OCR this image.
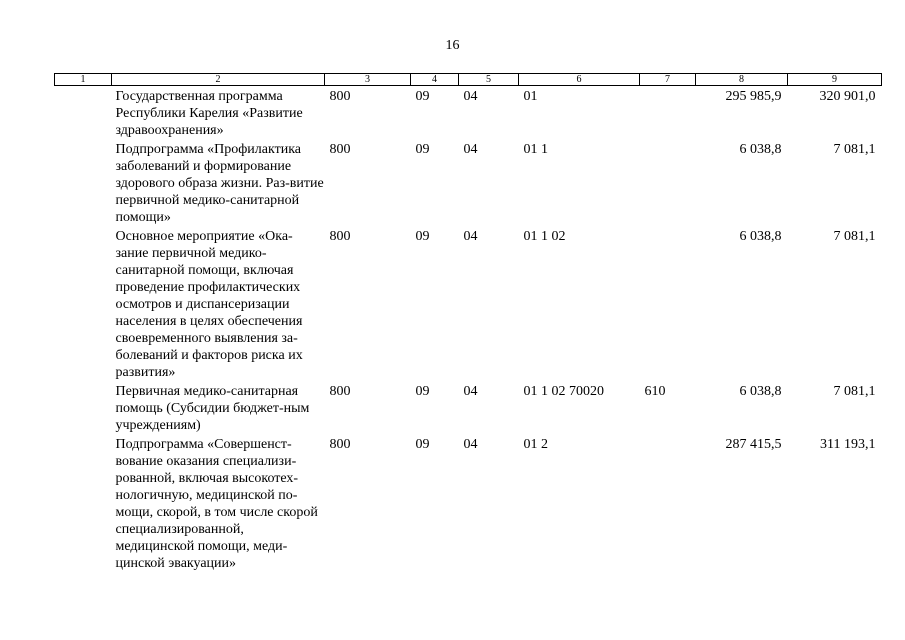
16
1	2	3	4	5	6	7	8	9
	Государственная программа Республики Карелия «Развитие здравоохранения»	800	09	04	01		295 985,9	320 901,0
	Подпрограмма «Профилактика заболеваний и формирование здорового образа жизни. Раз-витие первичной медико-санитарной помощи»	800	09	04	01 1		6 038,8	7 081,1
	Основное мероприятие «Ока-зание первичной медико-санитарной помощи, включая проведение профилактических осмотров и диспансеризации населения в целях обеспечения своевременного выявления за-болеваний и факторов риска их развития»	800	09	04	01 1 02		6 038,8	7 081,1
	Первичная медико-санитарная помощь (Субсидии бюджет-ным учреждениям)	800	09	04	01 1 02 70020	610	6 038,8	7 081,1
	Подпрограмма «Совершенст-вование оказания специализи-рованной, включая высокотех-нологичную, медицинской по-мощи, скорой, в том числе скорой специализированной, медицинской помощи, меди-цинской эвакуации»	800	09	04	01 2		287 415,5	311 193,1
